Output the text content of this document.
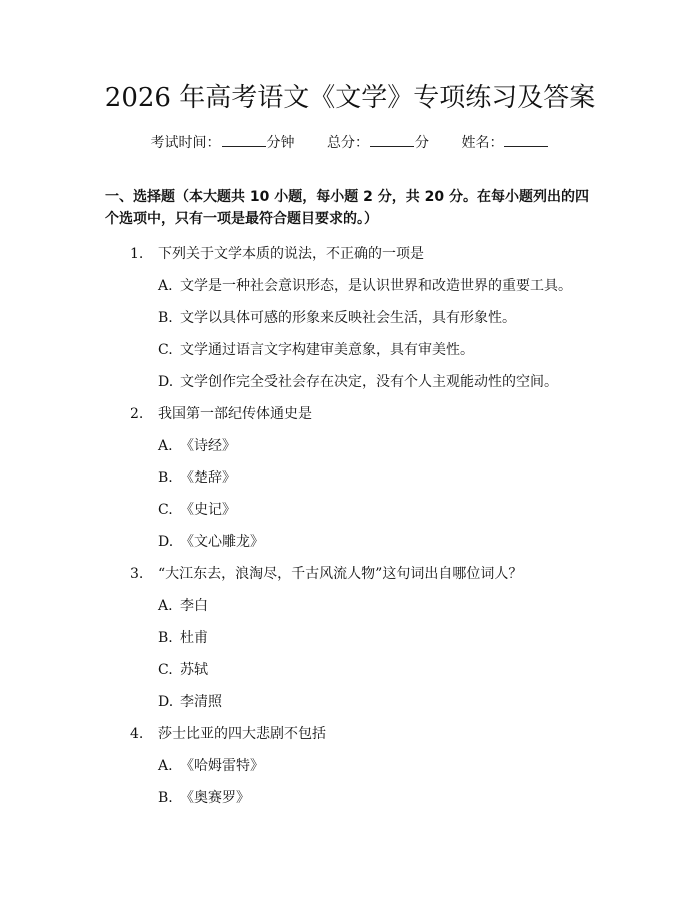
2026 年高考语文《文学》专项练习及答案
考试时间：	分钟 总分：	分 姓名：
一、选择题（本大题共 10 小题，每小题 2 分，共 20 分。在每小题列出的四个选项中，只有一项是最符合题目要求的。）
1. 下列关于文学本质的说法，不正确的一项是
A. 文学是一种社会意识形态，是认识世界和改造世界的重要工具。
B. 文学以具体可感的形象来反映社会生活，具有形象性。
C. 文学通过语言文字构建审美意象，具有审美性。
D. 文学创作完全受社会存在决定，没有个人主观能动性的空间。
2. 我国第一部纪传体通史是
A. 《诗经》
B. 《楚辞》
C. 《史记》
D. 《文心雕龙》
3. “大江东去，浪淘尽，千古风流人物”这句词出自哪位词人？
A. 李白
B. 杜甫
C. 苏轼
D. 李清照
4. 莎士比亚的四大悲剧不包括
A. 《哈姆雷特》
B. 《奥赛罗》
